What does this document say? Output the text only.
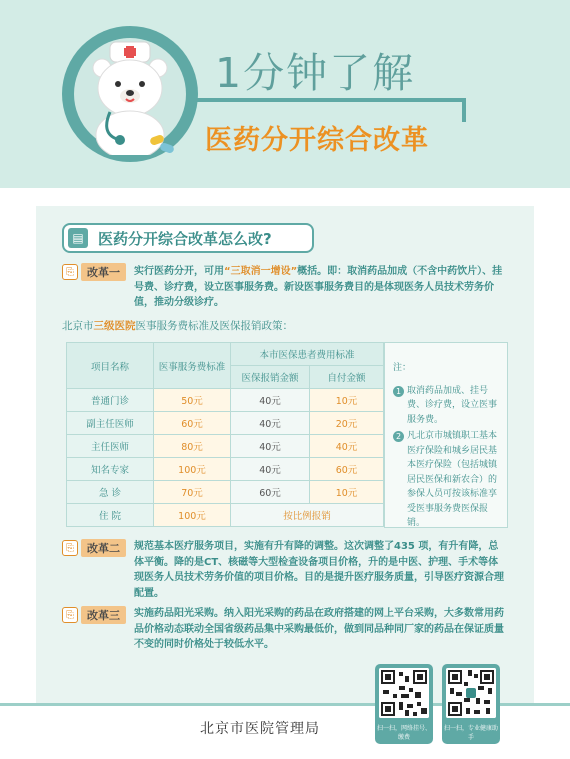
1分钟了解
医药分开综合改革
▤ 医药分开综合改革怎么改?
⎘	改革一	实行医药分开，可用“三取消一增设”概括。即：取消药品加成（不含中药饮片）、挂号费、诊疗费，设立医事服务费。新设医事服务费目的是体现医务人员技术劳务价值，推动分级诊疗。
北京市三级医院医事服务费标准及医保报销政策：
项目名称	医事服务费标准	本市医保患者费用标准	
		医保报销金额	自付金额
普通门诊	50元	40元	10元
副主任医师	60元	40元	20元
主任医师	80元	40元	40元
知名专家	100元	40元	60元
急 诊	70元	60元	10元
住 院	100元	按比例报销	
注：
1 取消药品加成、挂号费、诊疗费，设立医事服务费。
2 凡北京市城镇职工基本医疗保险和城乡居民基本医疗保险（包括城镇居民医保和新农合）的参保人员可按该标准享受医事服务费医保报销。
⎘	改革二	规范基本医疗服务项目，实施有升有降的调整。这次调整了435 项，有升有降，总体平衡。降的是CT、核磁等大型检查设备项目价格，升的是中医、护理、手术等体现医务人员技术劳务价值的项目价格。目的是提升医疗服务质量，引导医疗资源合理配置。
⎘	改革三	实施药品阳光采购。纳入阳光采购的药品在政府搭建的网上平台采购，大多数常用药品价格动态联动全国省级药品集中采购最低价，做到同品种同厂家的药品在保证质量不变的同时价格处于较低水平。
北京市医院管理局	扫一扫，网络挂号、缴费
扫一扫，专业健康助手
